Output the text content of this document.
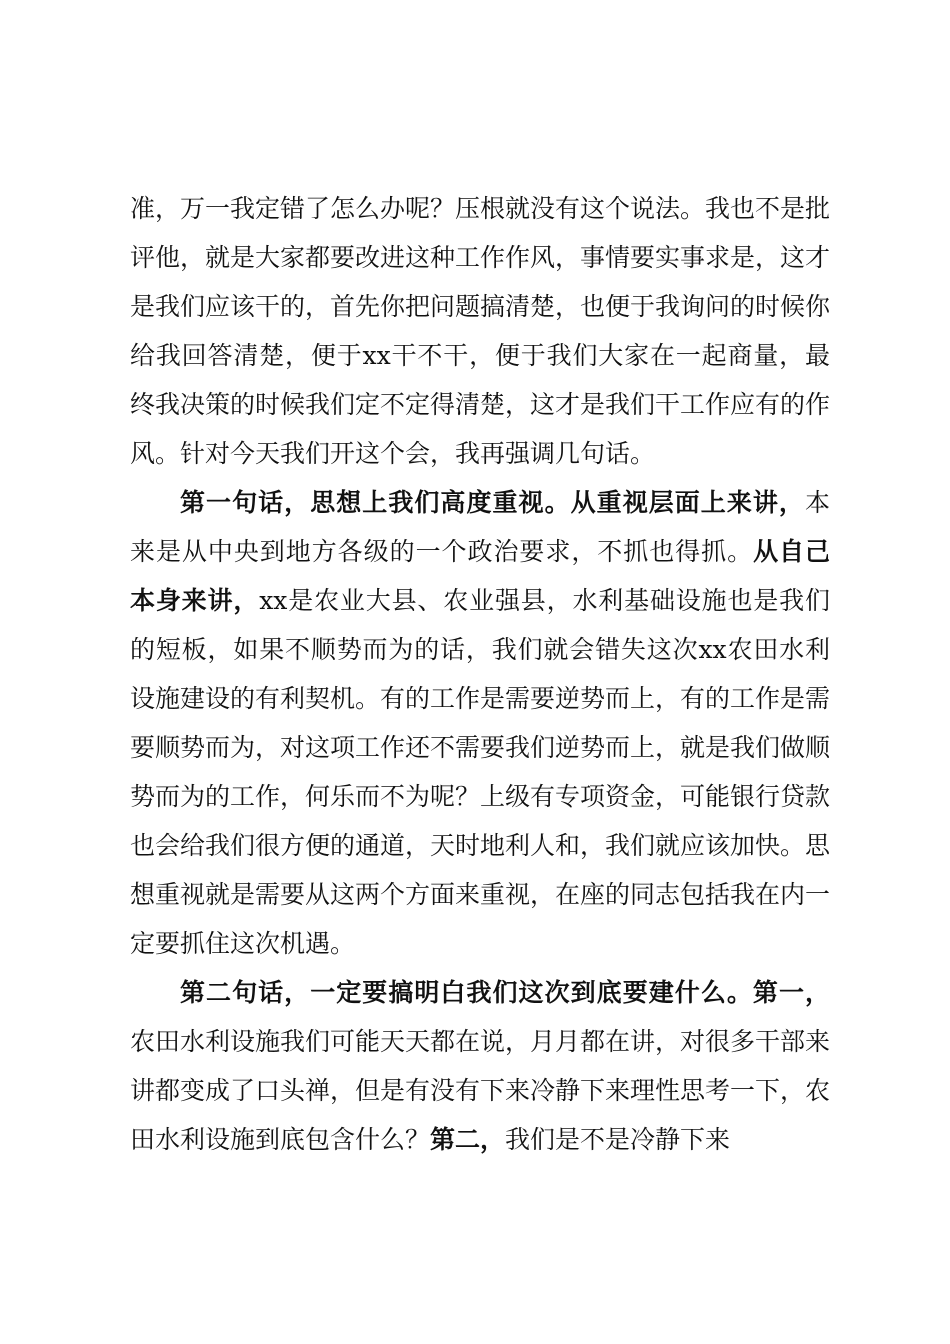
准，万一我定错了怎么办呢？压根就没有这个说法。我也不是批评他，就是大家都要改进这种工作作风，事情要实事求是，这才是我们应该干的，首先你把问题搞清楚，也便于我询问的时候你给我回答清楚，便于xx干不干，便于我们大家在一起商量，最终我决策的时候我们定不定得清楚，这才是我们干工作应有的作风。针对今天我们开这个会，我再强调几句话。

第一句话，思想上我们高度重视。从重视层面上来讲，本来是从中央到地方各级的一个政治要求，不抓也得抓。从自己本身来讲，xx是农业大县、农业强县，水利基础设施也是我们的短板，如果不顺势而为的话，我们就会错失这次xx农田水利设施建设的有利契机。有的工作是需要逆势而上，有的工作是需要顺势而为，对这项工作还不需要我们逆势而上，就是我们做顺势而为的工作，何乐而不为呢？上级有专项资金，可能银行贷款也会给我们很方便的通道，天时地利人和，我们就应该加快。思想重视就是需要从这两个方面来重视，在座的同志包括我在内一定要抓住这次机遇。

第二句话，一定要搞明白我们这次到底要建什么。第一，农田水利设施我们可能天天都在说，月月都在讲，对很多干部来讲都变成了口头禅，但是有没有下来冷静下来理性思考一下，农田水利设施到底包含什么？第二，我们是不是冷静下来
